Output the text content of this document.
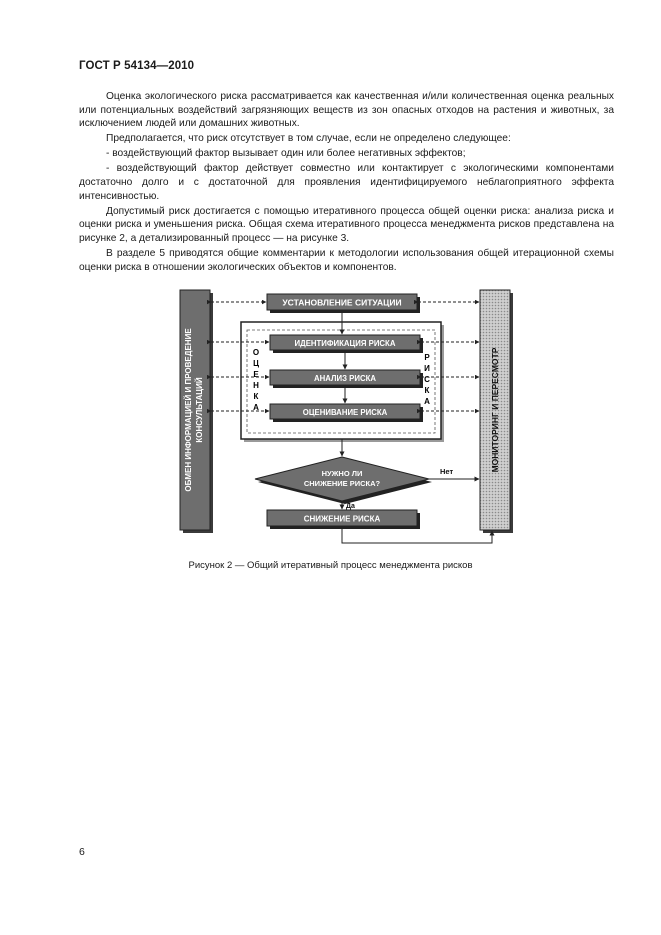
ГОСТ Р 54134—2010

Оценка экологического риска рассматривается как качественная и/или количественная оценка реальных или потенциальных воздействий загрязняющих веществ из зон опасных отходов на растения и животных, за исключением людей или домашних животных.

Предполагается, что риск отсутствует в том случае, если не определено следующее:

- воздействующий фактор вызывает один или более негативных эффектов;

- воздействующий фактор действует совместно или контактирует с экологическими компонентами достаточно долго и с достаточной для проявления идентифицируемого неблагоприятного эффекта интенсивностью.

Допустимый риск достигается с помощью итеративного процесса общей оценки риска: анализа риска и оценки риска и уменьшения риска. Общая схема итеративного процесса менеджмента рисков представлена на рисунке 2, а детализированный процесс — на рисунке 3.

В разделе 5 приводятся общие комментарии к методологии использования общей итерационной схемы оценки риска в отношении экологических объектов и компонентов.

ОБМЕН ИНФОРМАЦИЕЙ И ПРОВЕДЕНИЕ КОНСУЛЬТАЦИЙ	МОНИТОРИНГ И ПЕРЕСМОТР
УСТАНОВЛЕНИЕ СИТУАЦИИ
О
Ц
Е
Н
К
А
Р
И
С
К
А
ИДЕНТИФИКАЦИЯ РИСКА
АНАЛИЗ РИСКА
ОЦЕНИВАНИЕ РИСКА
НУЖНО ЛИ
СНИЖЕНИЕ РИСКА?
СНИЖЕНИЕ РИСКА
Да
Нет
Рисунок 2 — Общий итеративный процесс менеджмента рисков
6
